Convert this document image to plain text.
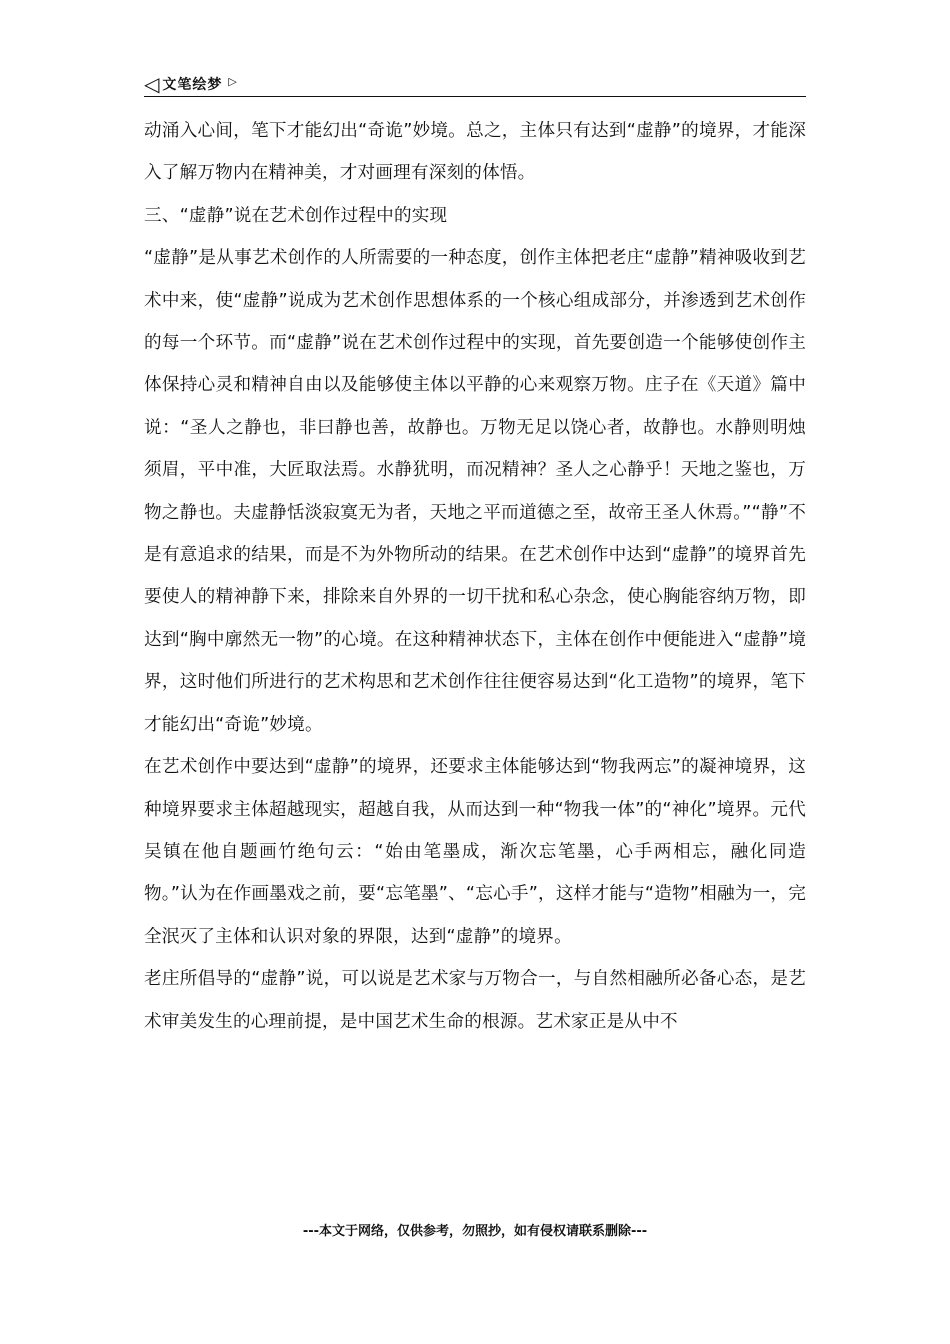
◁ 文笔绘梦 ▷

动涌入心间，笔下才能幻出“奇诡”妙境。总之，主体只有达到“虚静”的境界，才能深入了解万物内在精神美，才对画理有深刻的体悟。

三、“虚静”说在艺术创作过程中的实现

“虚静”是从事艺术创作的人所需要的一种态度，创作主体把老庄“虚静”精神吸收到艺术中来，使“虚静”说成为艺术创作思想体系的一个核心组成部分，并渗透到艺术创作的每一个环节。而“虚静”说在艺术创作过程中的实现，首先要创造一个能够使创作主体保持心灵和精神自由以及能够使主体以平静的心来观察万物。庄子在《天道》篇中说：“圣人之静也，非曰静也善，故静也。万物无足以饶心者，故静也。水静则明烛须眉，平中准，大匠取法焉。水静犹明，而况精神？圣人之心静乎！天地之鉴也，万物之静也。夫虚静恬淡寂寞无为者，天地之平而道德之至，故帝王圣人休焉。”“静”不是有意追求的结果，而是不为外物所动的结果。在艺术创作中达到“虚静”的境界首先要使人的精神静下来，排除来自外界的一切干扰和私心杂念，使心胸能容纳万物，即达到“胸中廓然无一物”的心境。在这种精神状态下，主体在创作中便能进入“虚静”境界，这时他们所进行的艺术构思和艺术创作往往便容易达到“化工造物”的境界，笔下才能幻出“奇诡”妙境。

在艺术创作中要达到“虚静”的境界，还要求主体能够达到“物我两忘”的凝神境界，这种境界要求主体超越现实，超越自我，从而达到一种“物我一体”的“神化”境界。元代吴镇在他自题画竹绝句云：“始由笔墨成，渐次忘笔墨，心手两相忘，融化同造物。”认为在作画墨戏之前，要“忘笔墨”、“忘心手”，这样才能与“造物”相融为一，完全泯灭了主体和认识对象的界限，达到“虚静”的境界。

老庄所倡导的“虚静”说，可以说是艺术家与万物合一，与自然相融所必备心态，是艺术审美发生的心理前提，是中国艺术生命的根源。艺术家正是从中不

---本文于网络，仅供参考，勿照抄，如有侵权请联系删除---
